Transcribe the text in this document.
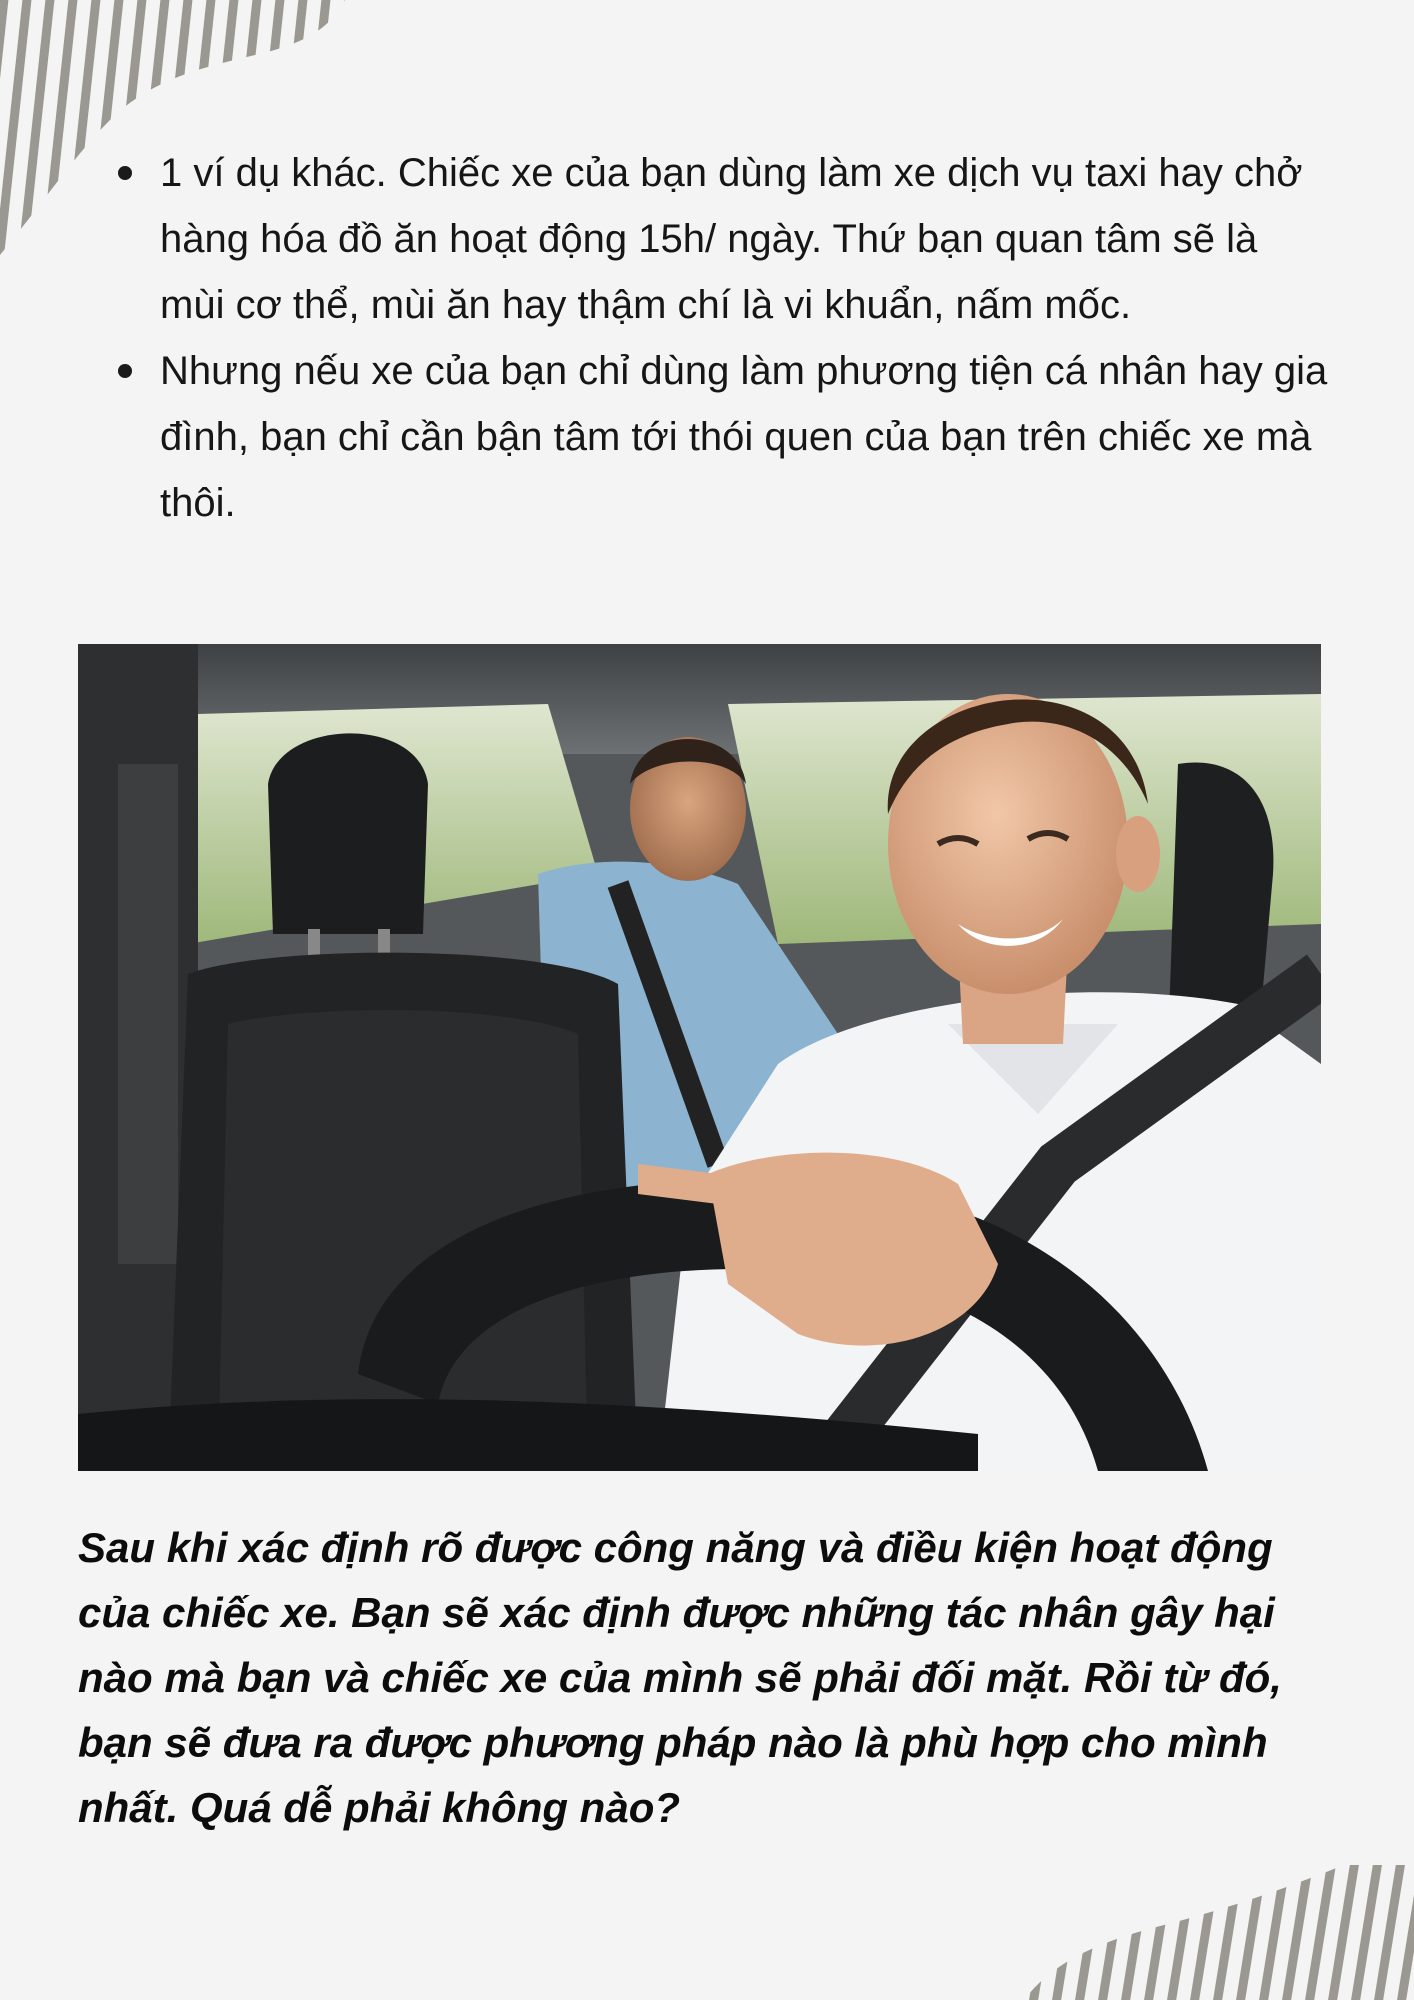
1 ví dụ khác. Chiếc xe của bạn dùng làm xe dịch vụ taxi hay chở hàng hóa đồ ăn hoạt động 15h/ ngày. Thứ bạn quan tâm sẽ là mùi cơ thể, mùi ăn hay thậm chí là vi khuẩn, nấm mốc.
Nhưng nếu xe của bạn chỉ dùng làm phương tiện cá nhân hay gia đình, bạn chỉ cần bận tâm tới thói quen của bạn trên chiếc xe mà thôi.

Sau khi xác định rõ được công năng và điều kiện hoạt động của chiếc xe. Bạn sẽ xác định được những tác nhân gây hại nào mà bạn và chiếc xe của mình sẽ phải đối mặt. Rồi từ đó, bạn sẽ đưa ra được phương pháp nào là phù hợp cho mình nhất. Quá dễ phải không nào?
